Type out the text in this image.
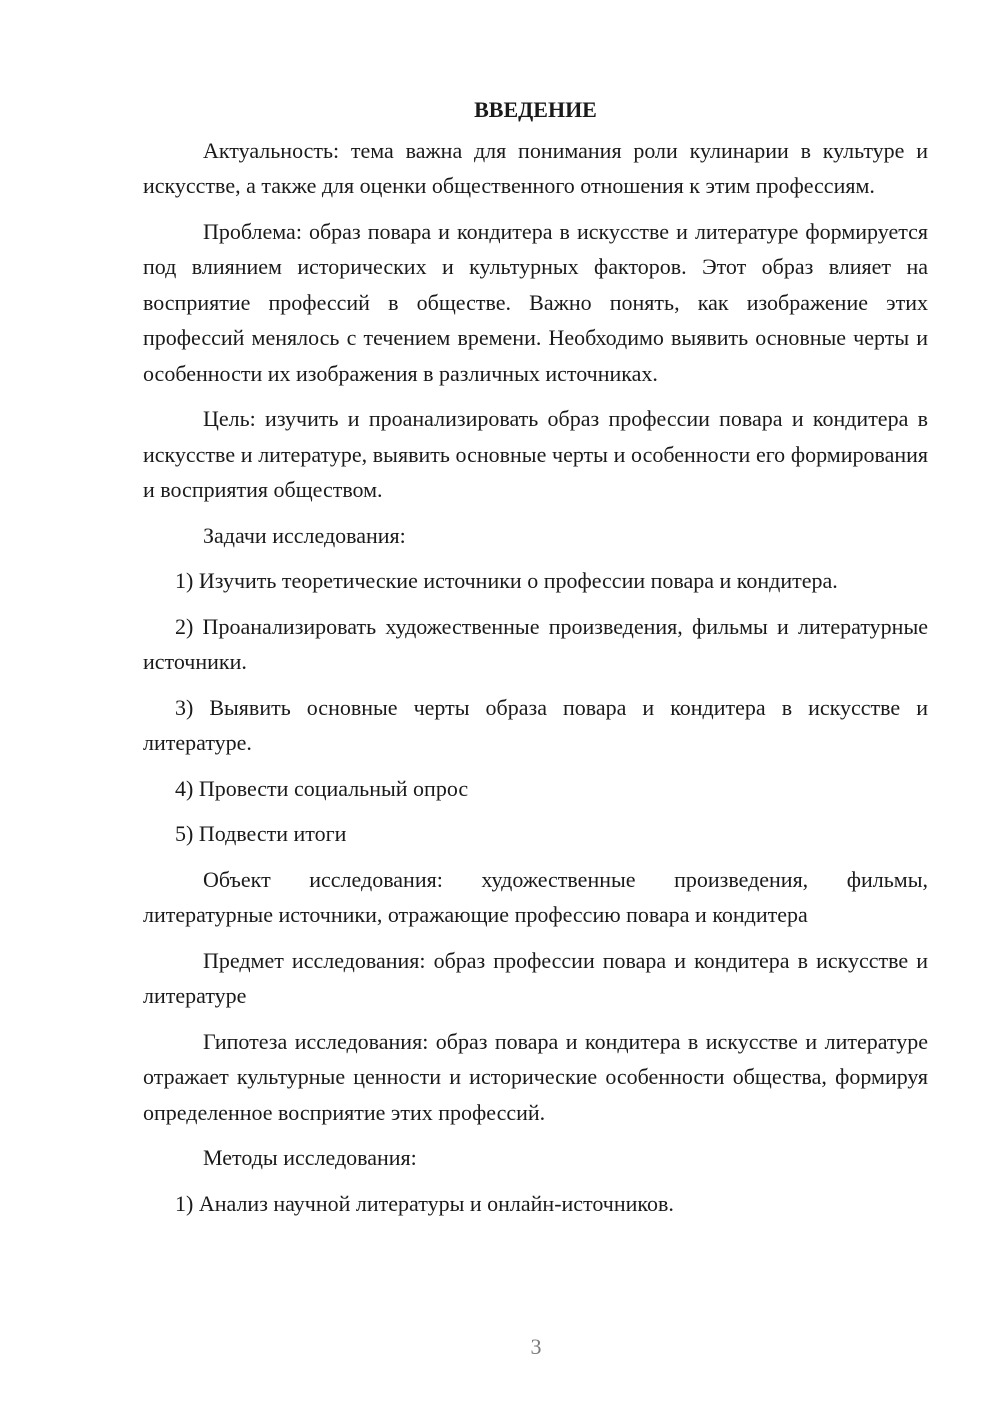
ВВЕДЕНИЕ

Актуальность: тема важна для понимания роли кулинарии в культуре и искусстве, а также для оценки общественного отношения к этим профессиям.

Проблема: образ повара и кондитера в искусстве и литературе формируется под влиянием исторических и культурных факторов. Этот образ влияет на восприятие профессий в обществе. Важно понять, как изображение этих профессий менялось с течением времени. Необходимо выявить основные черты и особенности их изображения в различных источниках.

Цель: изучить и проанализировать образ профессии повара и кондитера в искусстве и литературе, выявить основные черты и особенности его формирования и восприятия обществом.

Задачи исследования:

1) Изучить теоретические источники о профессии повара и кондитера.

2) Проанализировать художественные произведения, фильмы и литературные источники.

3) Выявить основные черты образа повара и кондитера в искусстве и литературе.

4) Провести социальный опрос

5) Подвести итоги

Объект исследования: художественные произведения, фильмы, литературные источники, отражающие профессию повара и кондитера

Предмет исследования: образ профессии повара и кондитера в искусстве и литературе

Гипотеза исследования: образ повара и кондитера в искусстве и литературе отражает культурные ценности и исторические особенности общества, формируя определенное восприятие этих профессий.

Методы исследования:

1) Анализ научной литературы и онлайн-источников.

3
